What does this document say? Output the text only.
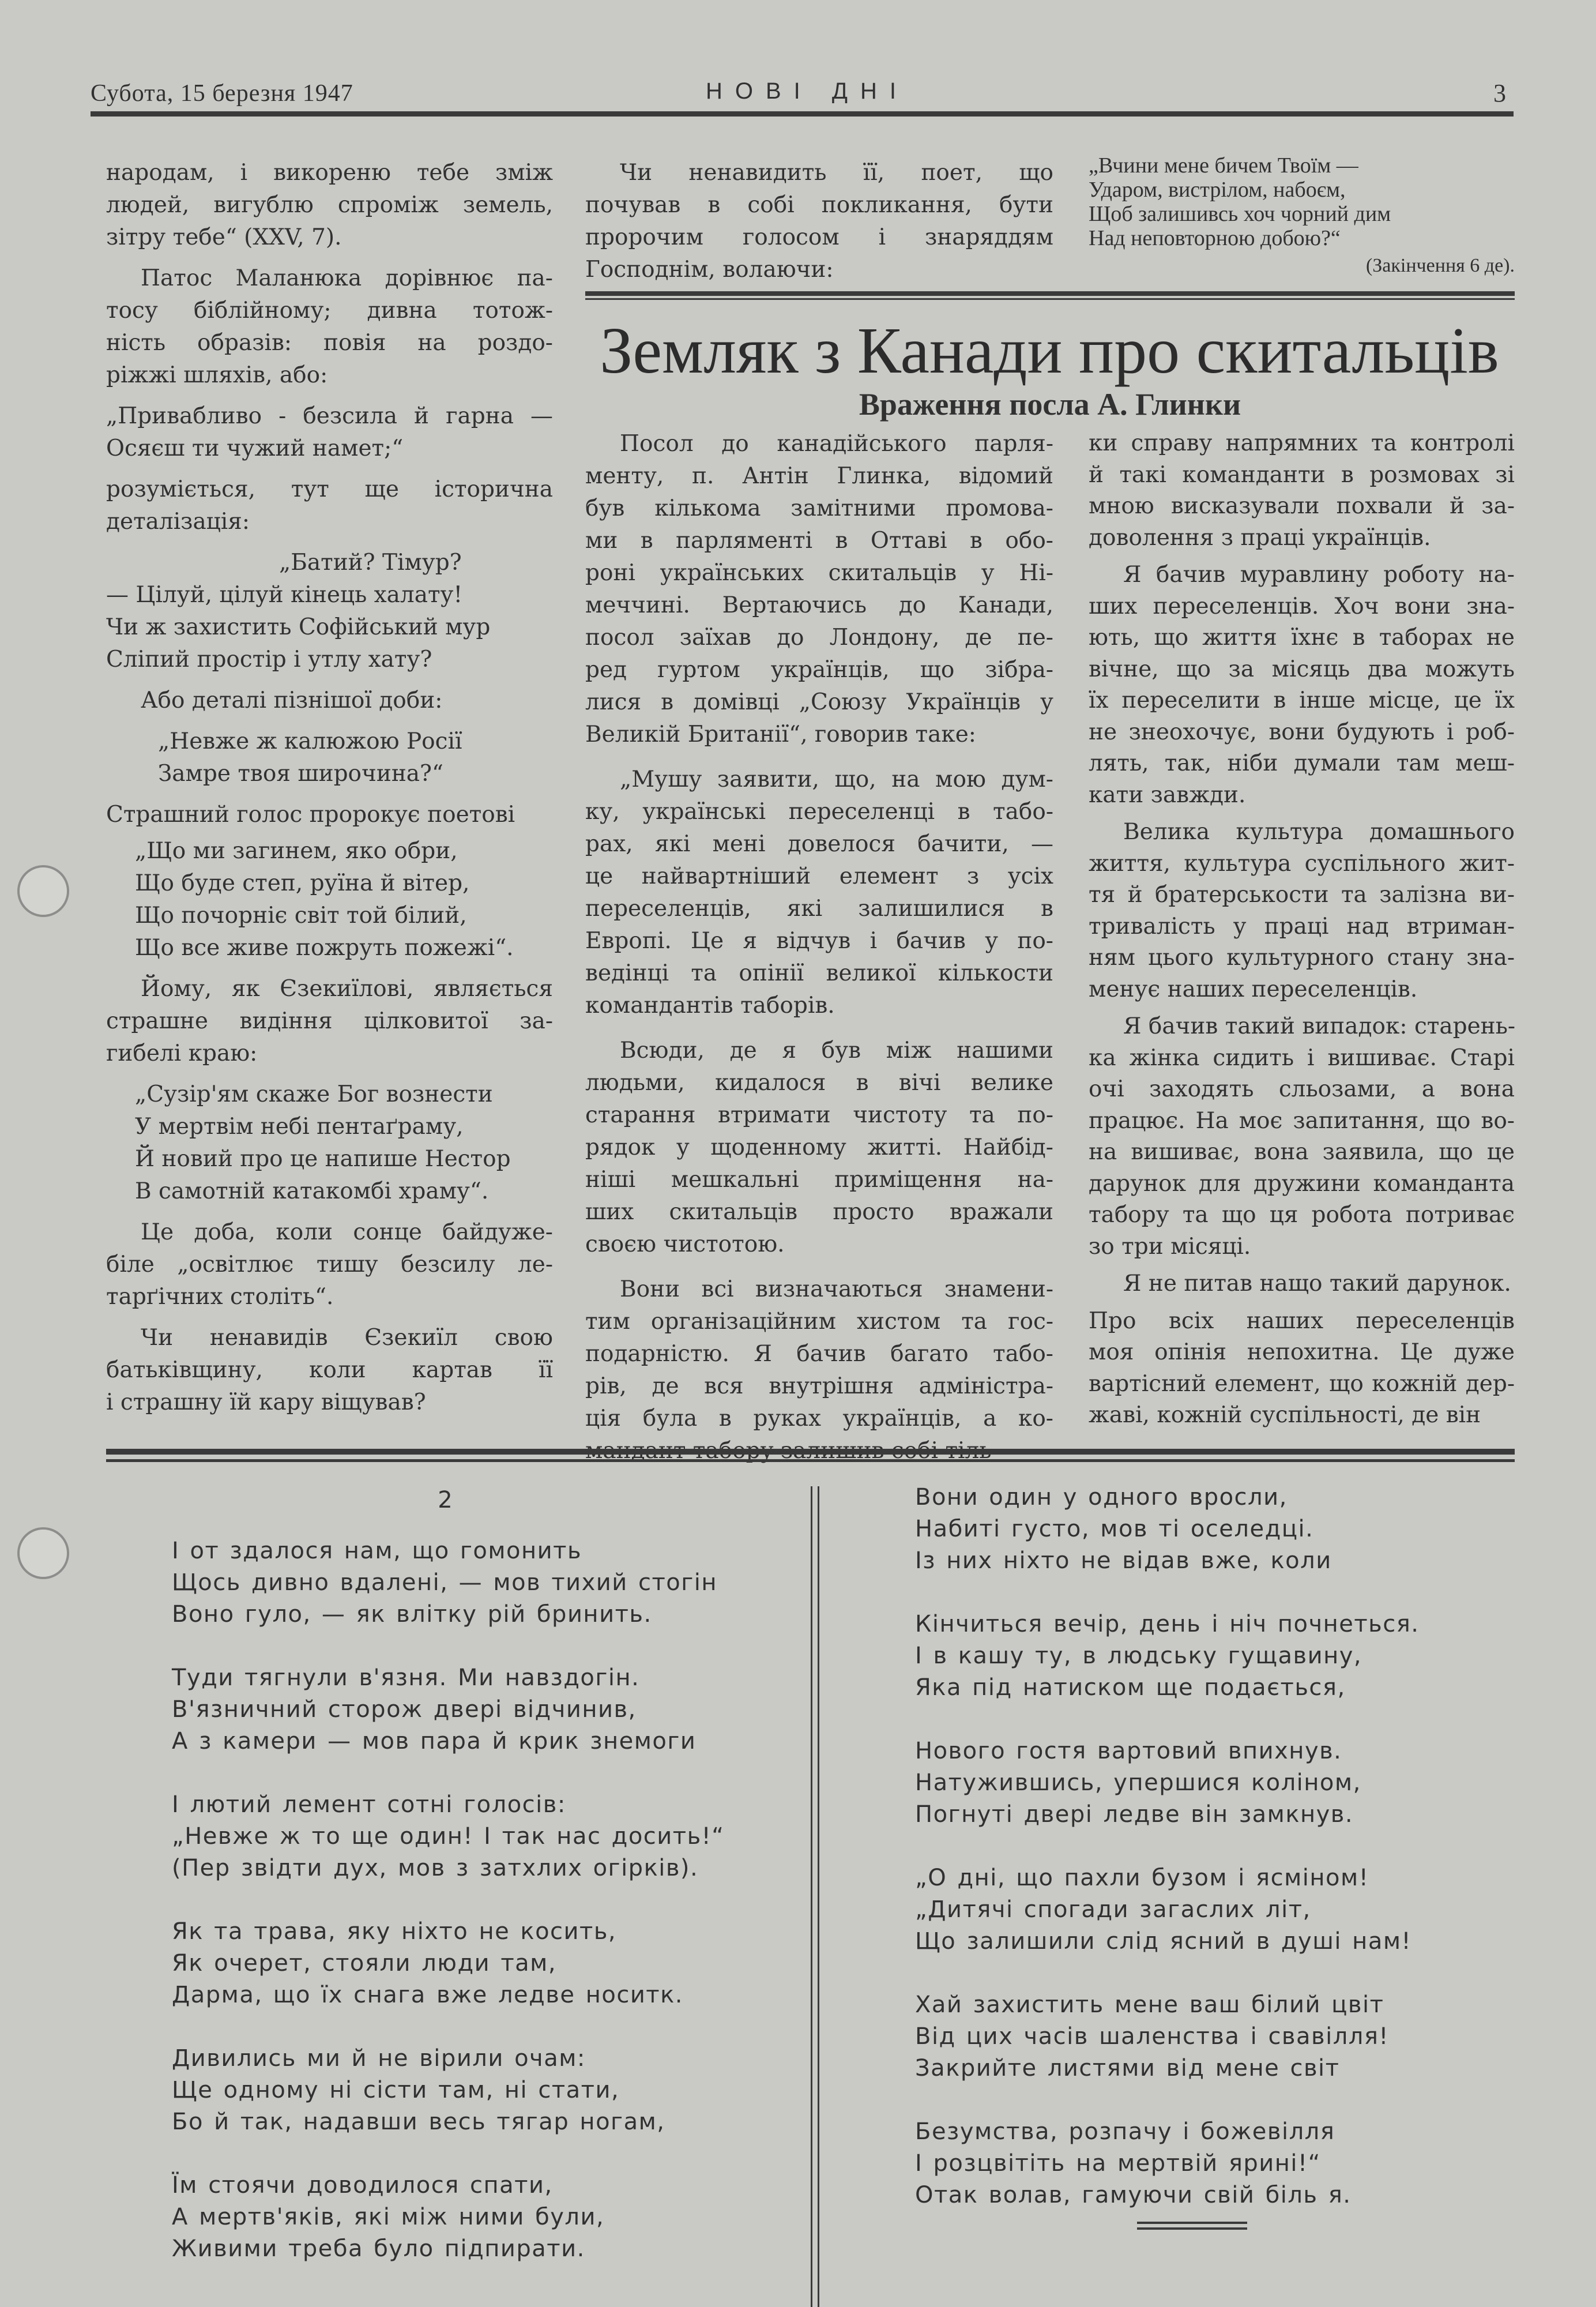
Субота, 15 березня 1947	НОВІ ДНІ	3
народам, і викореню тебе зміж
людей, вигублю спроміж земель,
зітру тебе“ (XXV, 7).
Патос Маланюка дорівнює па-
тосу біблійному; дивна тотож-
ність образів: повія на роздо-
ріжжі шляхів, або:
„Привабливо - безсила й гарна —
Осяєш ти чужий намет;“
розуміється, тут ще історична
деталізація:
„Батий? Тімур?
— Цілуй, цілуй кінець халату!
Чи ж захистить Софійський мур
Сліпий простір і утлу хату?
Або деталі пізнішої доби:
„Невже ж калюжою Росії
Замре твоя широчина?“
Страшний голос пророкує поетові
„Що ми загинем, яко обри,
Що буде степ, руїна й вітер,
Що почорніє світ той білий,
Що все живе пожруть пожежі“.
Йому, як Єзекиїлові, являється
страшне видіння цілковитої за-
гибелі краю:
„Сузір'ям скаже Бог вознести
У мертвім небі пентаґраму,
Й новий про це напише Нестор
В самотній катакомбі храму“.
Це доба, коли сонце байдуже-
біле „освітлює тишу безсилу ле-
тарґічних століть“.
Чи ненавидів Єзекиїл свою
батьківщину, коли картав її
і страшну їй кару віщував?
Чи ненавидить її, поет, що
почував в собі покликання, бути
пророчим голосом і знаряддям
Господнім, волаючи:
„Вчини мене бичем Твоїм —
Ударом, вистрілом, набоєм,
Щоб залишивсь хоч чорний дим
Над неповторною добою?“
(Закінчення 6 де).
Земляк з Канади про скитальців
Враження посла А. Глинки
Посол до канадійського парля-
менту, п. Антін Глинка, відомий
був кількома замітними промова-
ми в парляменті в Оттаві в обо-
роні українських скитальців у Ні-
меччині. Вертаючись до Канади,
посол заїхав до Лондону, де пе-
ред гуртом українців, що зібра-
лися в домівці „Союзу Українців у
Великій Британії“, говорив таке:
„Мушу заявити, що, на мою дум-
ку, українські переселенці в табо-
рах, які мені довелося бачити, —
це найвартніший елемент з усіх
переселенців, які залишилися в
Европі. Це я відчув і бачив у по-
ведінці та опінії великої кількости
командантів таборів.
Всюди, де я був між нашими
людьми, кидалося в вічі велике
старання втримати чистоту та по-
рядок у щоденному житті. Найбід-
ніші мешкальні приміщення на-
ших скитальців просто вражали
своєю чистотою.
Вони всі визначаються знамени-
тим організаційним хистом та гос-
подарністю. Я бачив багато табо-
рів, де вся внутрішня адміністра-
ція була в руках українців, а ко-
ки справу напрямних та контролі
й такі команданти в розмовах зі
мною висказували похвали й за-
доволення з праці українців.
Я бачив муравлину роботу на-
ших переселенців. Хоч вони зна-
ють, що життя їхнє в таборах не
вічне, що за місяць два можуть
їх переселити в інше місце, це їх
не знеохочує, вони будують і роб-
лять, так, ніби думали там меш-
кати завжди.
Велика культура домашнього
життя, культура суспільного жит-
тя й братерськости та залізна ви-
тривалість у праці над втриман-
ням цього культурного стану зна-
менує наших переселенців.
Я бачив такий випадок: старень-
ка жінка сидить і вишиває. Старі
очі заходять сльозами, а вона
працює. На моє запитання, що во-
на вишиває, вона заявила, що це
дарунок для дружини команданта
табору та що ця робота потриває
зо три місяці.
Я не питав нащо такий дарунок.
Про всіх наших переселенців
моя опінія непохитна. Це дуже
вартісний елемент, що кожній дер-
жаві, кожній суспільності, де він
2
І от здалося нам, що гомонить
Щось дивно вдалені, — мов тихий стогін
Воно гуло, — як влітку рій бринить.
Туди тягнули в'язня. Ми навздогін.
В'язничний сторож двері відчинив,
А з камери — мов пара й крик знемоги
І лютий лемент сотні голосів:
„Невже ж то ще один! І так нас досить!“
(Пер звідти дух, мов з затхлих огірків).
Як та трава, яку ніхто не косить,
Як очерет, стояли люди там,
Дарма, що їх снага вже ледве носитк.
Дивились ми й не вірили очам:
Ще одному ні сісти там, ні стати,
Бо й так, надавши весь тягар ногам,
Їм стоячи доводилося спати,
А мертв'яків, які між ними були,
Живими треба було підпирати.
Вони один у одного вросли,
Набиті густо, мов ті оселедці.
Із них ніхто не відав вже, коли
Кінчиться вечір, день і ніч почнеться.
І в кашу ту, в людську гущавину,
Яка під натиском ще подається,
Нового гостя вартовий впихнув.
Натужившись, упершися коліном,
Погнуті двері ледве він замкнув.
„О дні, що пахли бузом і ясміном!
„Дитячі спогади загаслих літ,
Що залишили слід ясний в душі нам!
Хай захистить мене ваш білий цвіт
Від цих часів шаленства і свавілля!
Закрийте листями від мене світ
Безумства, розпачу і божевілля
І розцвітіть на мертвій ярині!“
Отак волав, гамуючи свій біль я.
